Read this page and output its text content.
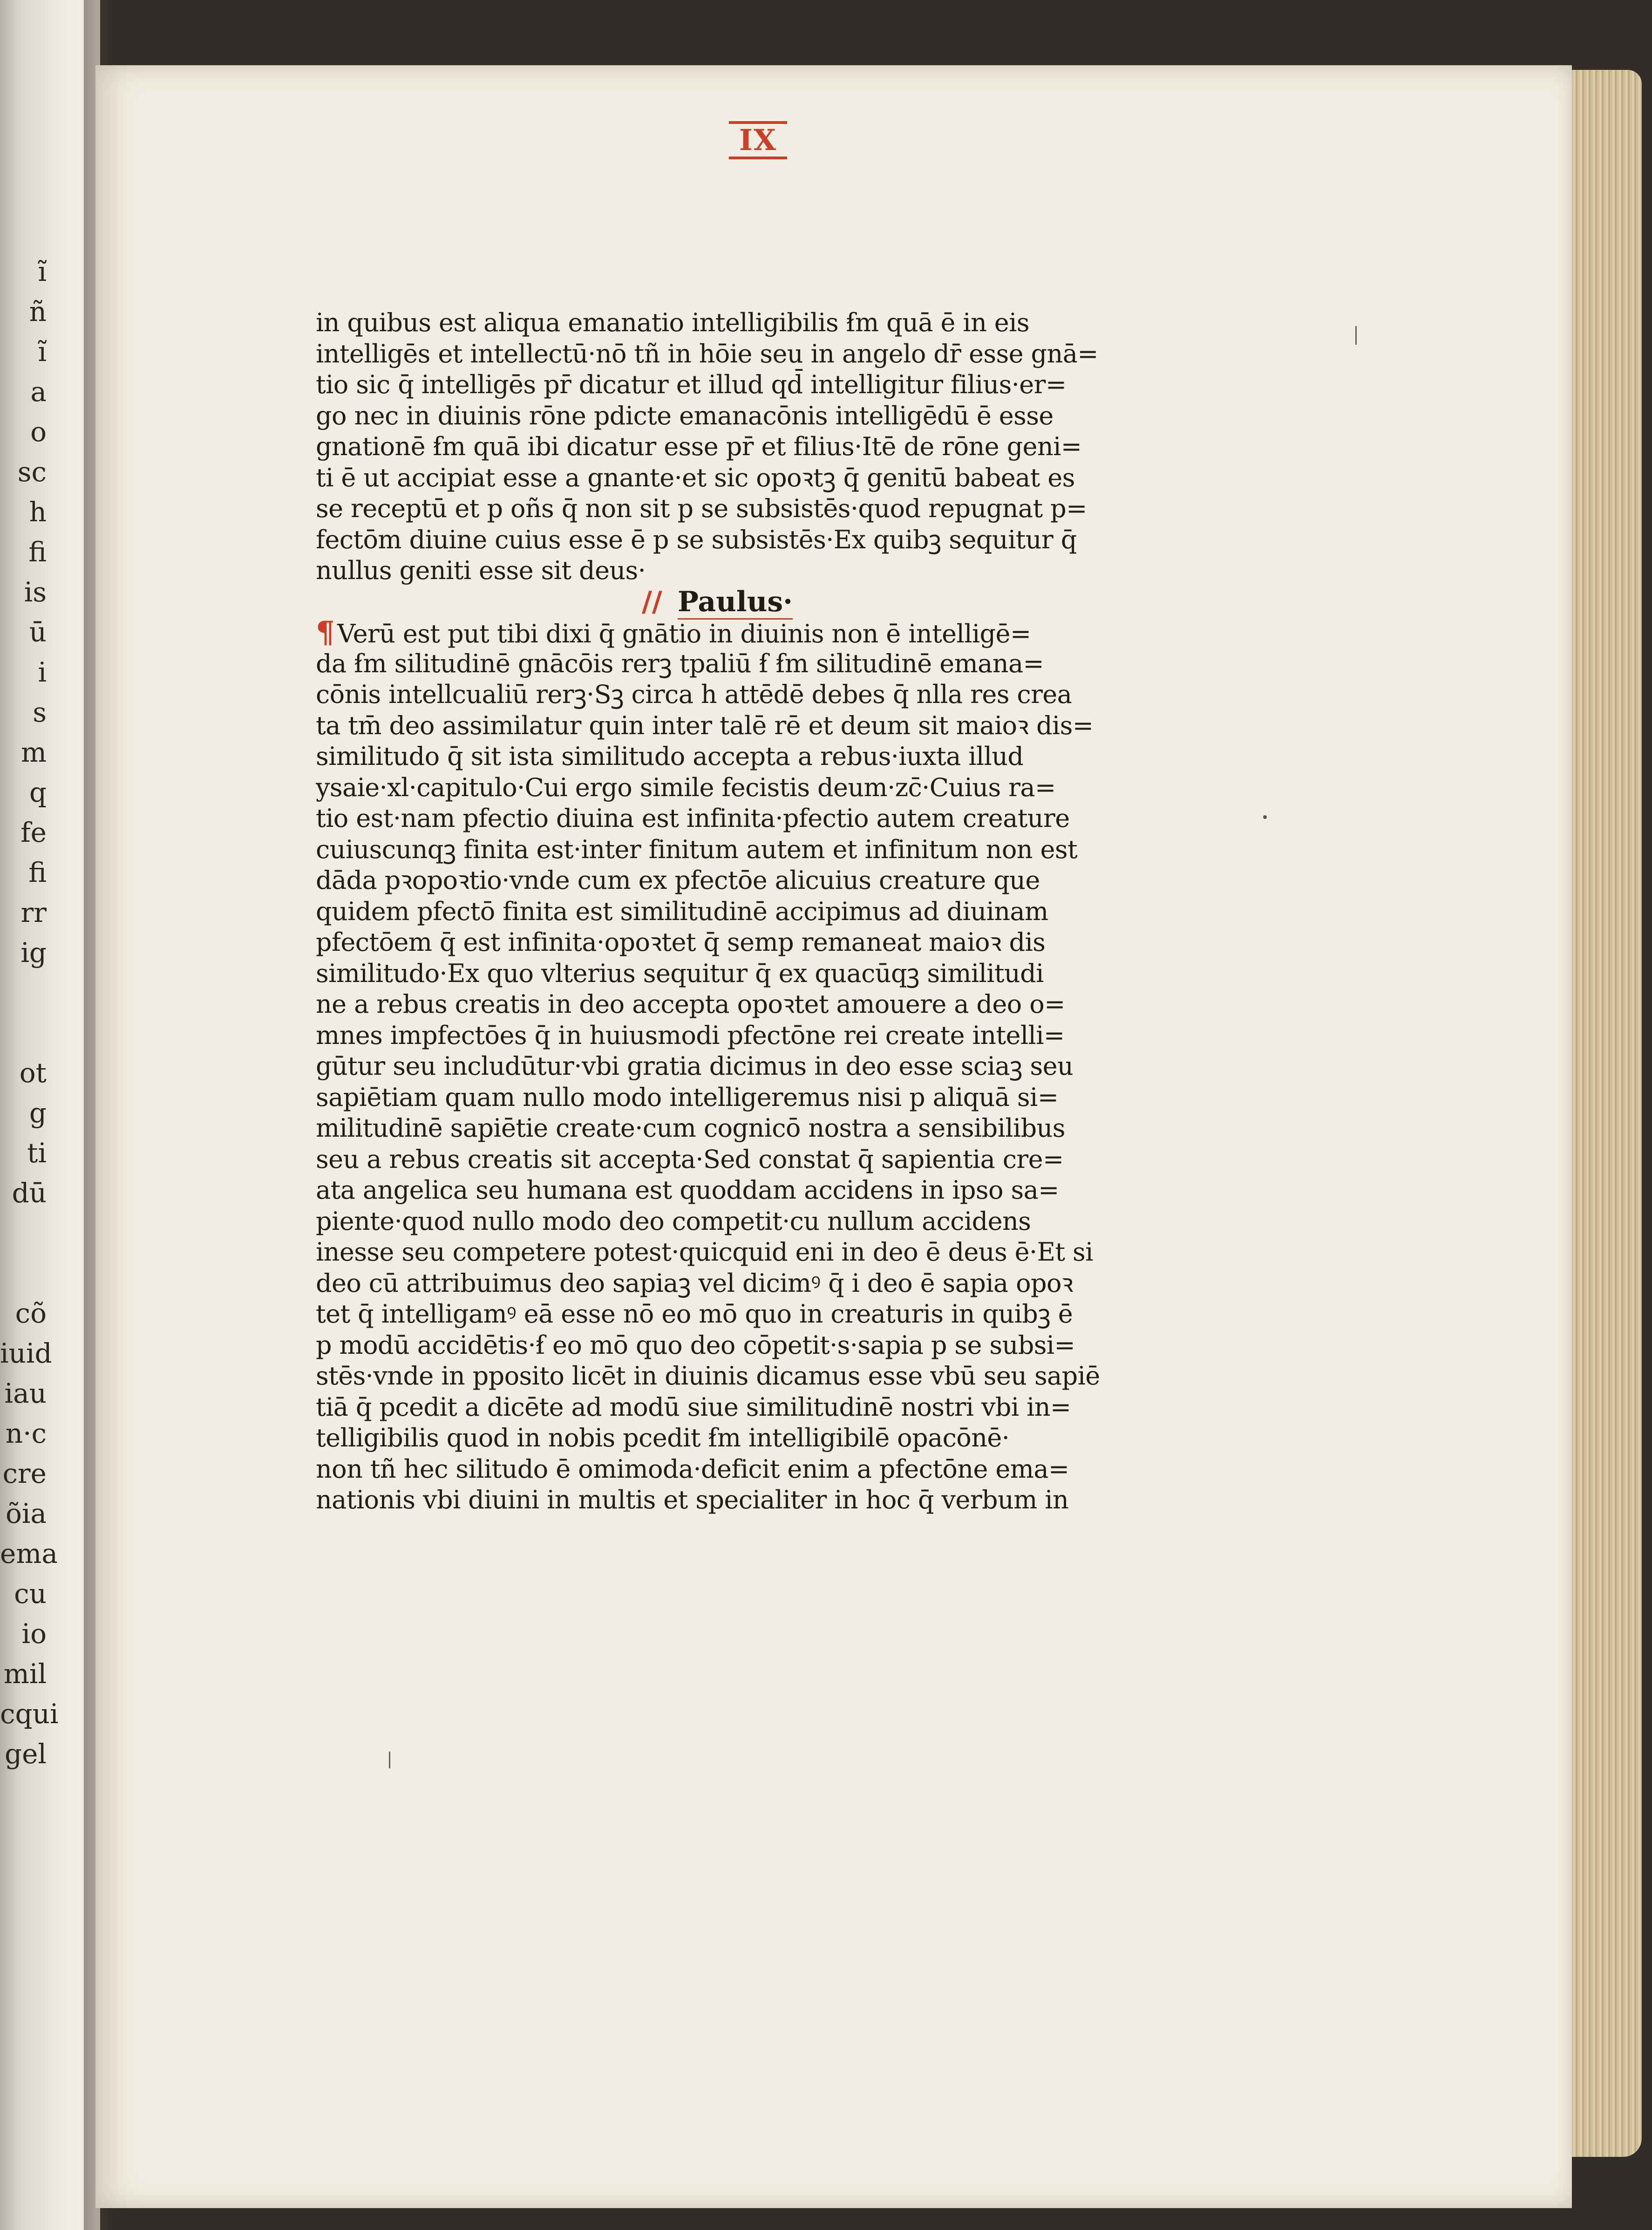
ĩ
ñ
ĩ
a
o
sc
h
fi
is
ū
i
s
m
q
fe
fi
rr
ig
ot
g
ti
dū
cõ
iuid
iau
n·c
cre
õia
ema
cu
io
mil
cqui
gel
IX
in quibus est aliqua emanatio intelligibilis ẜm quā ē in eis
intelligēs et intellectū·nō tñ in hōie seu in angelo dr̄ esse gnā=
tio sic q̄ intelligēs pr̄ dicatur et illud qd̄ intelligitur filius·er=
go nec in diuinis rōne pdicte emanacōnis intelligēdū ē esse
gnationē ẜm quā ibi dicatur esse pr̄ et filius·Itē de rōne geni=
ti ē ut accipiat esse a gnante·et sic opoꝛtꝫ q̄ genitū babeat es
se receptū et p oñs q̄ non sit p se subsistēs·quod repugnat p=
fectōm diuine cuius esse ē p se subsistēs·Ex quibꝫ sequitur q̄
nullus geniti esse sit deus·
// Paulus·
¶ Verū est put tibi dixi q̄ gnātio in diuinis non ē intelligē=
da ẜm silitudinē gnācōis rerꝫ tpaliū ẜ ẜm silitudinē emana=
cōnis intellcualiū rerꝫ·Sꝫ circa h attēdē debes q̄ nlla res crea
ta tm̄ deo assimilatur quin inter talē rē et deum sit maioꝛ dis=
similitudo q̄ sit ista similitudo accepta a rebus·iuxta illud
ysaie·xl·capitulo·Cui ergo simile fecistis deum·zc̄·Cuius ra=
tio est·nam pfectio diuina est infinita·pfectio autem creature
cuiuscunqꝫ finita est·inter finitum autem et infinitum non est
dāda pꝛopoꝛtio·vnde cum ex pfectōe alicuius creature que
quidem pfectō finita est similitudinē accipimus ad diuinam
pfectōem q̄ est infinita·opoꝛtet q̄ semp remaneat maioꝛ dis
similitudo·Ex quo vlterius sequitur q̄ ex quacūqꝫ similitudi
ne a rebus creatis in deo accepta opoꝛtet amouere a deo o=
mnes impfectōes q̄ in huiusmodi pfectōne rei create intelli=
gūtur seu includūtur·vbi gratia dicimus in deo esse sciaꝫ seu
sapiētiam quam nullo modo intelligeremus nisi p aliquā si=
militudinē sapiētie create·cum cognicō nostra a sensibilibus
seu a rebus creatis sit accepta·Sed constat q̄ sapientia cre=
ata angelica seu humana est quoddam accidens in ipso sa=
piente·quod nullo modo deo competit·cu nullum accidens
inesse seu competere potest·quicquid eni in deo ē deus ē·Et si
deo cū attribuimus deo sapiaꝫ vel dicimꝰ q̄ i deo ē sapia opoꝛ
tet q̄ intelligamꝰ eā esse nō eo mō quo in creaturis in quibꝫ ē
p modū accidētis·ẜ eo mō quo deo cōpetit·s·sapia p se subsi=
stēs·vnde in pposito licēt in diuinis dicamus esse vbū seu sapiē
tiā q̄ pcedit a dicēte ad modū siue similitudinē nostri vbi in=
telligibilis quod in nobis pcedit ẜm intelligibilē opacōnē·
non tñ hec silitudo ē omimoda·deficit enim a pfectōne ema=
nationis vbi diuini in multis et specialiter in hoc q̄ verbum in
